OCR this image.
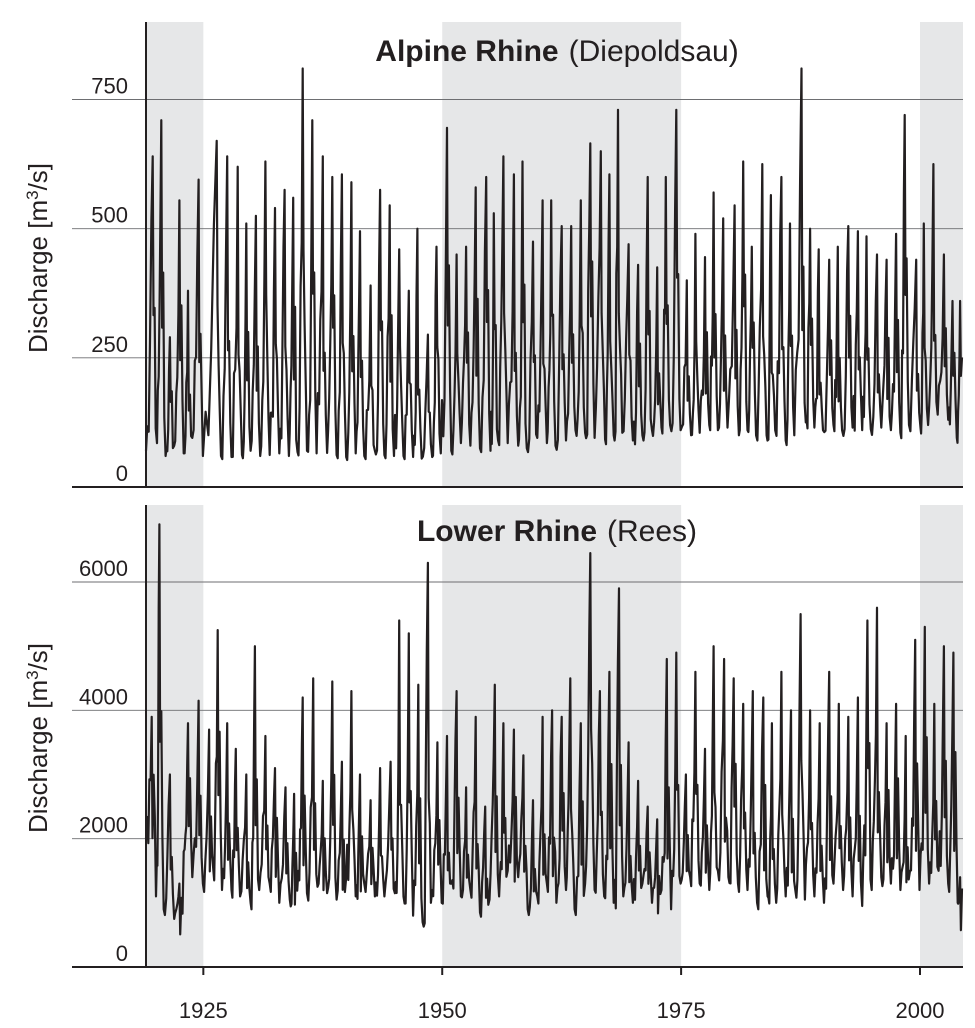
0
250
500
750
Discharge $[m^3/s]$
Alpine Rhine (Diepoldsau)
0
2000
4000
6000
1925	1950	1975	2000
Discharge $[m^3/s]$
Lower Rhine (Rees)
